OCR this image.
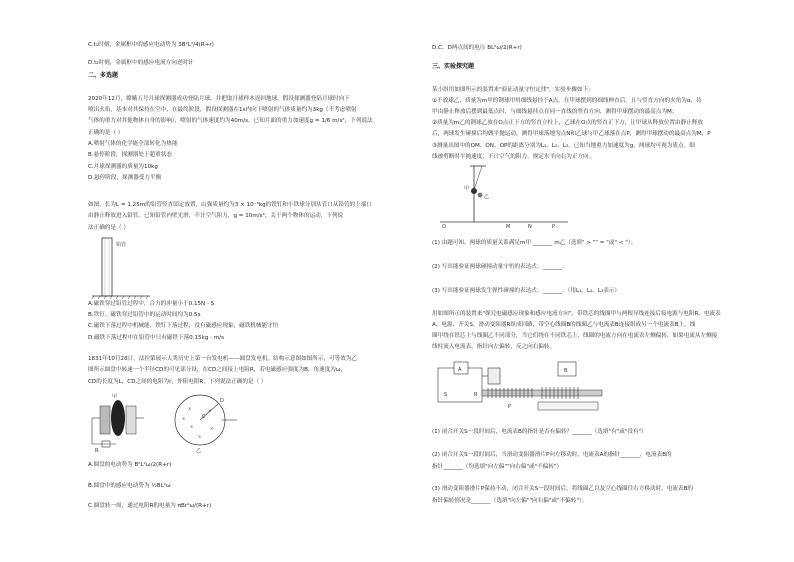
C.t₁时刻，金属框中的感应电动势为 3B²L²/4(R+r)
D.t₂时刻，金属框中的感应电流方向逆时针
二、多选题
2020年12月，嫦娥五号月球探测器成功登陆月球，并把取月球样本返回地球，假设探测器登陆月球时向下
喷出火焰，基本对其保持在空中，在最终阶段，假设探测器在1s内向下喷射的气体质量约为3kg（不考虑喷射
气体的重力对其他物体自身的影响），喷射的气体速度约为40m/s，已知月面的重力加速度g = 1/6 m/s²，下列说法
正确的是（ ）
A.喷射气体的化学能全部转化为热能
B.悬停阶段，探测器处于超重状态
C.月球探测器的质量为10kg
D.悬停阶段，探测器受力平衡
如图，长为L = 1.25m的铅管竖直固定放置，山强质量约为3 × 10⁻³kg的铁钉和小铁球分别从管口从铅管的上端口
由静止释放进入铅管。已知铅管内壁光滑，不计空气阻力，g = 10m/s²，关于两个物体的运动，下列说
法正确的是（ ）
铅管
A.磁铁穿过铅管过程中，合力的冲量小于0.15N · S
B.铁钉、磁铁穿过铅管中的运动时间均为0.5s
C.磁铁下落过程中机械能，铁钉下落过程，没有磁感应现象，磁铁机械能守恒
D.磁铁下落过程中在铅管中只有磁铁下落0.15kg · m/s
1831年10月28日，法拉第展示人类历史上第一台发电机——圆盘发电机。结构示意图如图所示，可等效为乙
图所示圆盘中转速一个半径CD的可见部分设，在CD之间接上电阻R，若电磁感应强度为B，角速度为ω，
CD的长度为L，CD之间的电阻为r，外阻电阻R，下列说法正确的是（ ）
R
甲
×	×
×	×
×
×	C
D
乙
A.圆盘的电动势为 B²L²ω/2(R+r)
B.圆盘中的感应电动势为 ½BL²ω
C.圆盘转一周，通过电阻R的电量为 πBr²ω/(R+r)
D.C、D两点间的电压 BL²ω/2(R+r)
三、实验探究题
某小组用如图所示的装置来"验证动量守恒定律"，实验步骤如下：
①不放球乙，质量为m甲的钢球甲用细线悬挂于A点，在甲球摆到的细线伸直后，且与竖直方向的夹角为α，待
甲由静止释放后摆到最低点时，与细线悬挂点在同一直线的竖直方向，测得甲球摆动的最高点为M；
②质量为m乙的钢球乙放在O点正下方的竖直立柱上，乙球在O点的竖直正下方，让甲球从释放位置由静止释放
后，两球发生碰撞后均做平抛运动，测得甲球落地为点N和乙球与甲乙球落在点P，测得甲球摆动的最高点为M，P
③测量出图中的OM、ON、OP的距离分别为L₁、L₂、L₃。已知当地重力加速度为g，两球均可视为质点。细
线被剪断时平抛速度，不计空气的阻力，规定水平向右为正方向。
O
甲
乙
M	N	P
(1) 由题可知，两球的质量关系满足m甲 _______ m乙（选填" > "" = "或" < "）；
(2) 写出能验证两球碰撞动量守恒的表达式：_______。
(3) 写出能验证两球发生弹性碰撞的表达式：_______。（用L₁、L₂、L₃表示）
用如图所示的装置来"探究电磁感应现象和感应电流方向"，带铁芯的线圈甲与两根导线连接后接电源与电阻R、电流表
A、电源、开关S，滑动变阻器R组成回路，带空心线圈B的线圈乙与电流表B连接组成另一个电流表B上，线
圈甲绕在铁芯上与线圈乙不同部分，当它们绕在不同铁芯上，线圈的电流方向在电流表左侧偏转，如果电流从左侧接
线柱流入电流表，指针向左偏转，反之向右偏转。
A
S	R
B
P
(1) 闭合开关S一段时间后，电流表B的指针是否有偏转？_______（选填"有"或"没有"）
(2) 闭合开关S一段时间后，当滑动变阻器滑片P向左移动时，电流表A的指针_______，电流表B的
指针_______（均选填"向左偏""向右偏"或"不偏转"）
(3) 滑动变阻器滑片P保持不动，闭合开关S一段时间后，将线圈乙以及空心线圈往右方移动时，电流表B的
指针偏转情况是_______（选填"向左偏""向右偏"或"不偏转"）。
